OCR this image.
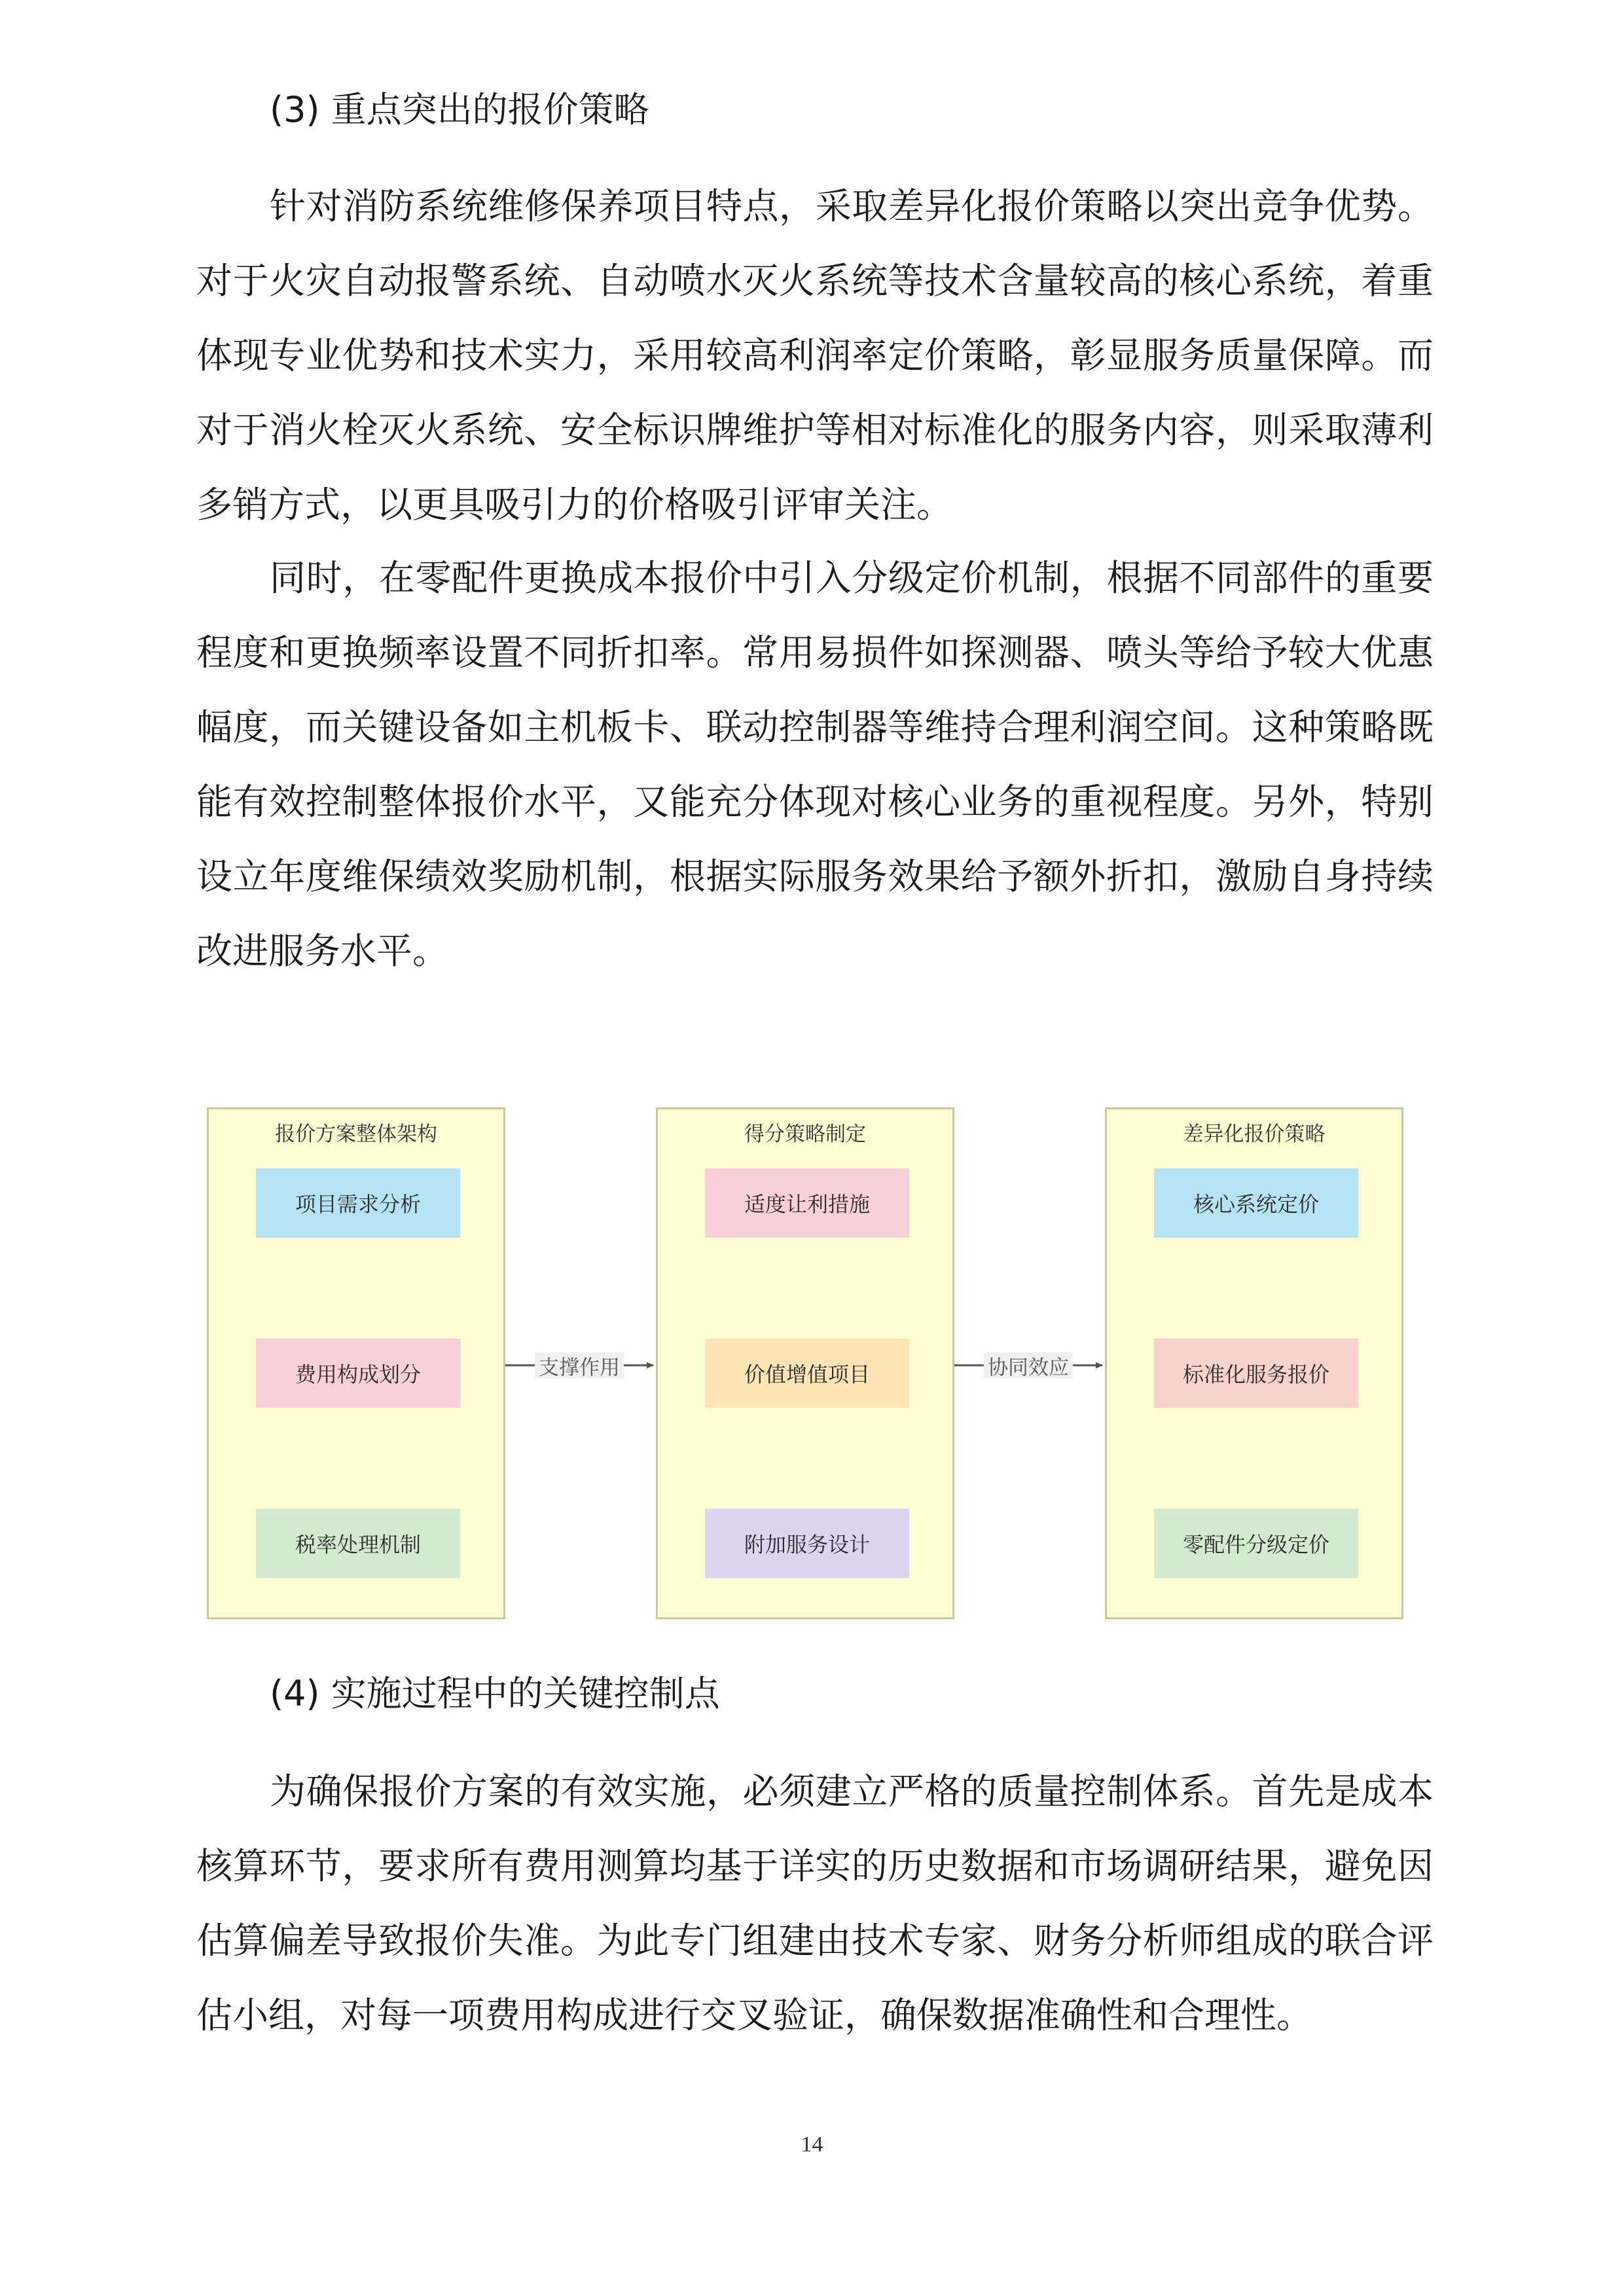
(3) 重点突出的报价策略

针对消防系统维修保养项目特点，采取差异化报价策略以突出竞争优势。对于火灾自动报警系统、自动喷水灭火系统等技术含量较高的核心系统，着重体现专业优势和技术实力，采用较高利润率定价策略，彰显服务质量保障。而对于消火栓灭火系统、安全标识牌维护等相对标准化的服务内容，则采取薄利多销方式，以更具吸引力的价格吸引评审关注。

同时，在零配件更换成本报价中引入分级定价机制，根据不同部件的重要程度和更换频率设置不同折扣率。常用易损件如探测器、喷头等给予较大优惠幅度，而关键设备如主机板卡、联动控制器等维持合理利润空间。这种策略既能有效控制整体报价水平，又能充分体现对核心业务的重视程度。另外，特别设立年度维保绩效奖励机制，根据实际服务效果给予额外折扣，激励自身持续改进服务水平。

报价方案整体架构
项目需求分析
费用构成划分
税率处理机制
得分策略制定
适度让利措施
价值增值项目
附加服务设计
差异化报价策略
核心系统定价
标准化服务报价
零配件分级定价
支撑作用	协同效应
(4) 实施过程中的关键控制点

为确保报价方案的有效实施，必须建立严格的质量控制体系。首先是成本核算环节，要求所有费用测算均基于详实的历史数据和市场调研结果，避免因估算偏差导致报价失准。为此专门组建由技术专家、财务分析师组成的联合评估小组，对每一项费用构成进行交叉验证，确保数据准确性和合理性。

14
